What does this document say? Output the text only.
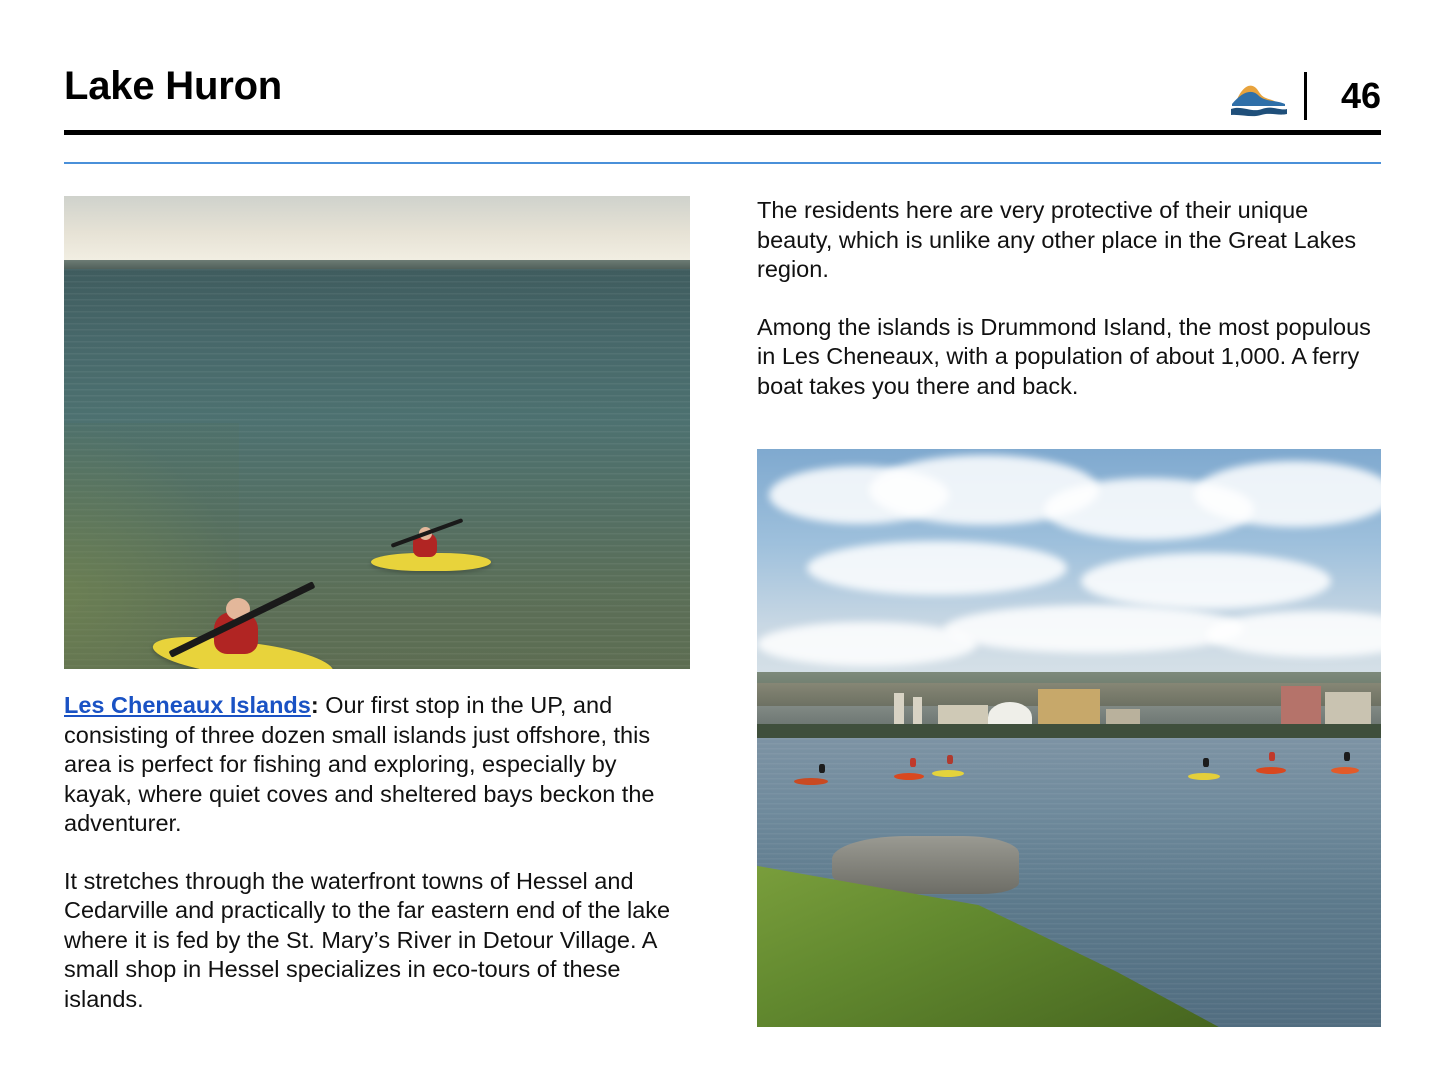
Lake Huron	46

Les Cheneaux Islands: Our first stop in the UP, and consisting of three dozen small islands just offshore, this area is perfect for fishing and exploring, especially by kayak, where quiet coves and sheltered bays beckon the adventurer.

It stretches through the waterfront towns of Hessel and Cedarville and practically to the far eastern end of the lake where it is fed by the St. Mary’s River in Detour Village. A small shop in Hessel specializes in eco-tours of these islands.

The residents here are very protective of their unique beauty, which is unlike any other place in the Great Lakes region.

Among the islands is Drummond Island, the most populous in Les Cheneaux, with a population of about 1,000. A ferry boat takes you there and back.
